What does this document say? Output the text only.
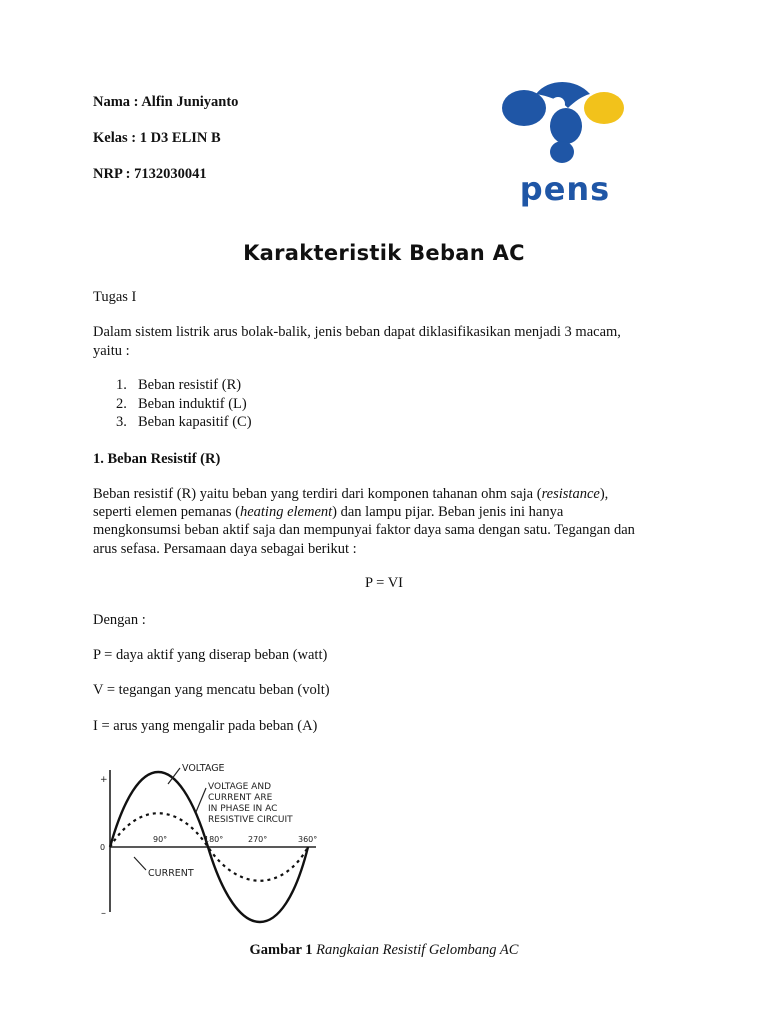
Nama : Alfin Juniyanto
Kelas : 1 D3 ELIN B
NRP : 7132030041	pens
Karakteristik Beban AC
Tugas I
Dalam sistem listrik arus bolak-balik, jenis beban dapat diklasifikasikan menjadi 3 macam,
yaitu :
1. Beban resistif (R)
2. Beban induktif (L)
3. Beban kapasitif (C)
1. Beban Resistif (R)
Beban resistif (R) yaitu beban yang terdiri dari komponen tahanan ohm saja (resistance),
seperti elemen pemanas (heating element) dan lampu pijar. Beban jenis ini hanya
mengkonsumsi beban aktif saja dan mempunyai faktor daya sama dengan satu. Tegangan dan
arus sefasa. Persamaan daya sebagai berikut :
P = VI
Dengan :
P = daya aktif yang diserap beban (watt)
V = tegangan yang mencatu beban (volt)
I = arus yang mengalir pada beban (A)
+
0
–
VOLTAGE
VOLTAGE AND
CURRENT ARE
IN PHASE IN AC
RESISTIVE CIRCUIT
90°	180°	270°	360°
CURRENT
Gambar 1 Rangkaian Resistif Gelombang AC
